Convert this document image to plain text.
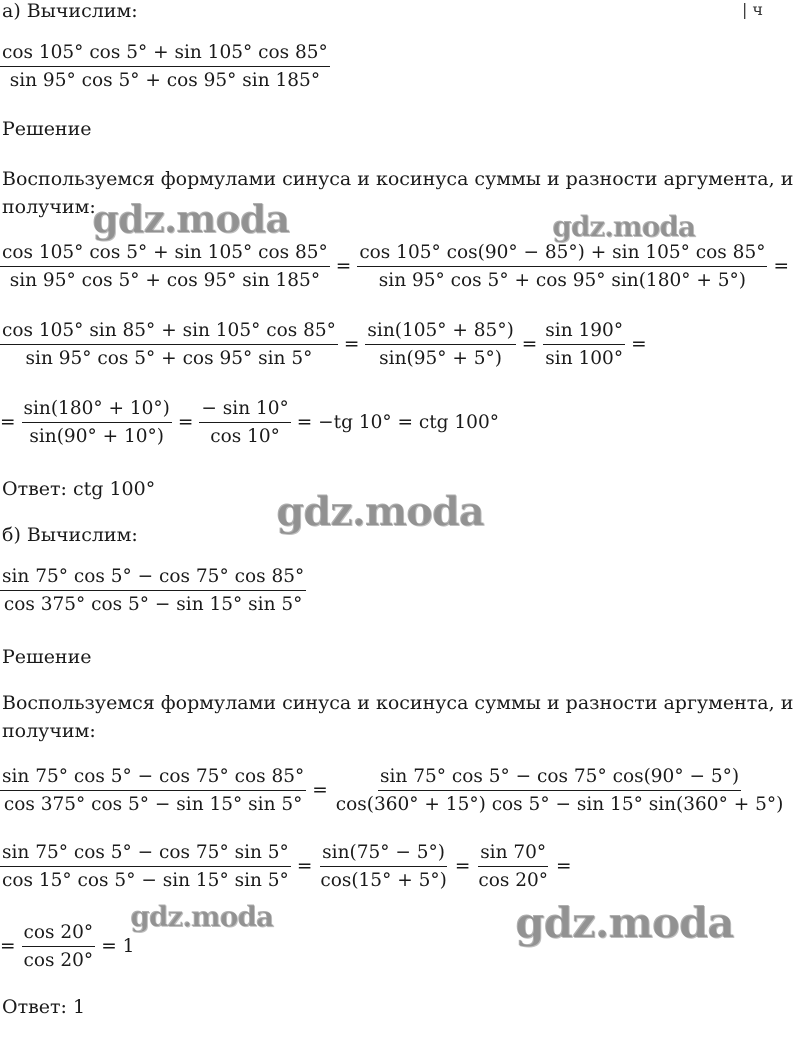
| ч
а) Вычислим:
$\frac{\cos 105^\circ \cos 5^\circ + \sin 105^\circ \cos 85^\circ}{\sin 95^\circ \cos 5^\circ + \cos 95^\circ \sin 185^\circ}$
Решение
Воспользуемся формулами синуса и косинуса суммы и разности аргумента, и
получим:
$\frac{\cos 105^\circ \cos 5^\circ + \sin 105^\circ \cos 85^\circ}{\sin 95^\circ \cos 5^\circ + \cos 95^\circ \sin 185^\circ} = \frac{\cos 105^\circ \cos(90^\circ - 85^\circ) + \sin 105^\circ \cos 85^\circ}{\sin 95^\circ \cos 5^\circ + \cos 95^\circ \sin(180^\circ + 5^\circ)}$ =
$\frac{\cos 105^\circ \sin 85^\circ + \sin 105^\circ \cos 85^\circ}{\sin 95^\circ \cos 5^\circ + \cos 95^\circ \sin 5^\circ} = \frac{\sin(105^\circ + 85^\circ)}{\sin(95^\circ + 5^\circ)} = \frac{\sin 190^\circ}{\sin 100^\circ}$ =
= $\frac{\sin(180^\circ + 10^\circ)}{\sin(90^\circ + 10^\circ)} = \frac{- \sin 10^\circ}{\cos 10^\circ} = -tg$ 10° = ctg 100°
Ответ: ctg 100°
б) Вычислим:
$\frac{\sin 75^\circ \cos 5^\circ - \cos 75^\circ \cos 85^\circ}{\cos 375^\circ \cos 5^\circ - \sin 15^\circ \sin 5^\circ}$
Решение
Воспользуемся формулами синуса и косинуса суммы и разности аргумента, и
получим:
$\frac{\sin 75^\circ \cos 5^\circ - \cos 75^\circ \cos 85^\circ}{\cos 375^\circ \cos 5^\circ - \sin 15^\circ \sin 5^\circ} = \frac{\sin 75^\circ \cos 5^\circ - \cos 75^\circ \cos(90^\circ - 5^\circ)}{\cos(360^\circ + 15^\circ) \cos 5^\circ - \sin 15^\circ \sin(360^\circ + 5^\circ)}$
$\frac{\sin 75^\circ \cos 5^\circ - \cos 75^\circ \sin 5^\circ}{\cos 15^\circ \cos 5^\circ - \sin 15^\circ \sin 5^\circ} = \frac{\sin(75^\circ - 5^\circ)}{\cos(15^\circ + 5^\circ)} = \frac{\sin 70^\circ}{\cos 20^\circ}$ =
= $\frac{\cos 20^\circ}{\cos 20^\circ} = 1$
Ответ: 1
gdz.moda	gdz.moda
gdz.moda
gdz.moda	gdz.moda
